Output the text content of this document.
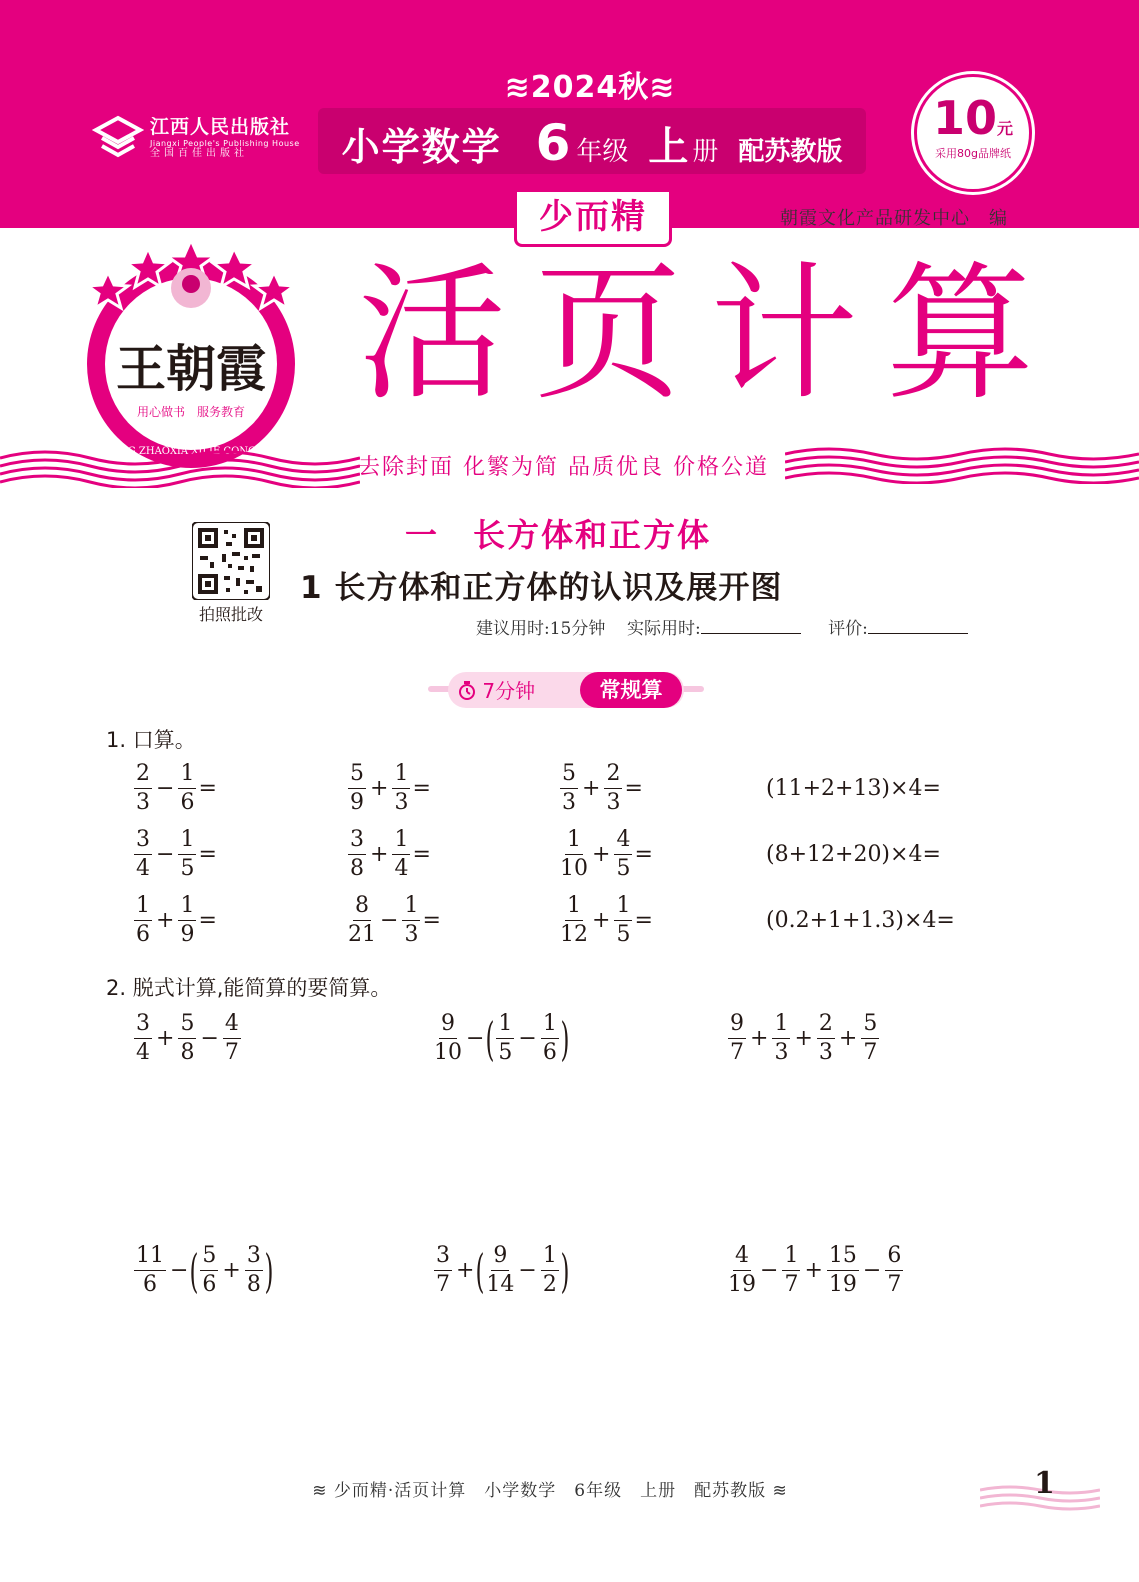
江西人民出版社
Jiangxi People's Publishing House
全国百佳出版社
≋2024秋≋
小学数学 6 年级 上 册 配苏教版
10元
采用80g品牌纸
少而精	朝霞文化产品研发中心　编
王朝霞
用心做书　服务教育
WANG ZHAOXIA XILIE CONGSHU
活页计算
去除封面 化繁为简 品质优良 价格公道
拍照批改
一　长方体和正方体
1 长方体和正方体的认识及展开图
建议用时:15分钟 实际用时:	评价:
7分钟	常规算
1. 口算。
$\frac{2}{3} - \frac{1}{6}$ =	$\frac{5}{9} + \frac{1}{3}$ =	$\frac{5}{3} + \frac{2}{3}$ =	(11+2+13)×4=
$\frac{3}{4} - \frac{1}{5}$ =	$\frac{3}{8} + \frac{1}{4}$ =	$\frac{1}{10} + \frac{4}{5}$ =	(8+12+20)×4=
$\frac{1}{6} + \frac{1}{9}$ =	$\frac{8}{21} - \frac{1}{3}$ =	$\frac{1}{12} + \frac{1}{5}$ =	(0.2+1+1.3)×4=
2. 脱式计算,能简算的要简算。
$\frac{3}{4} + \frac{5}{8} - \frac{4}{7}$	$\frac{9}{10}$ − ( $\frac{1}{5} - \frac{1}{6}$ )	$\frac{9}{7} + \frac{1}{3} + \frac{2}{3} + \frac{5}{7}$
$\frac{11}{6}$ − ( $\frac{5}{6} + \frac{3}{8}$ )	$\frac{3}{7}$ + ( $\frac{9}{14} - \frac{1}{2}$ )	$\frac{4}{19} - \frac{1}{7} + \frac{15}{19} - \frac{6}{7}$
≋ 少而精·活页计算　小学数学　6年级　上册　配苏教版 ≋	1
